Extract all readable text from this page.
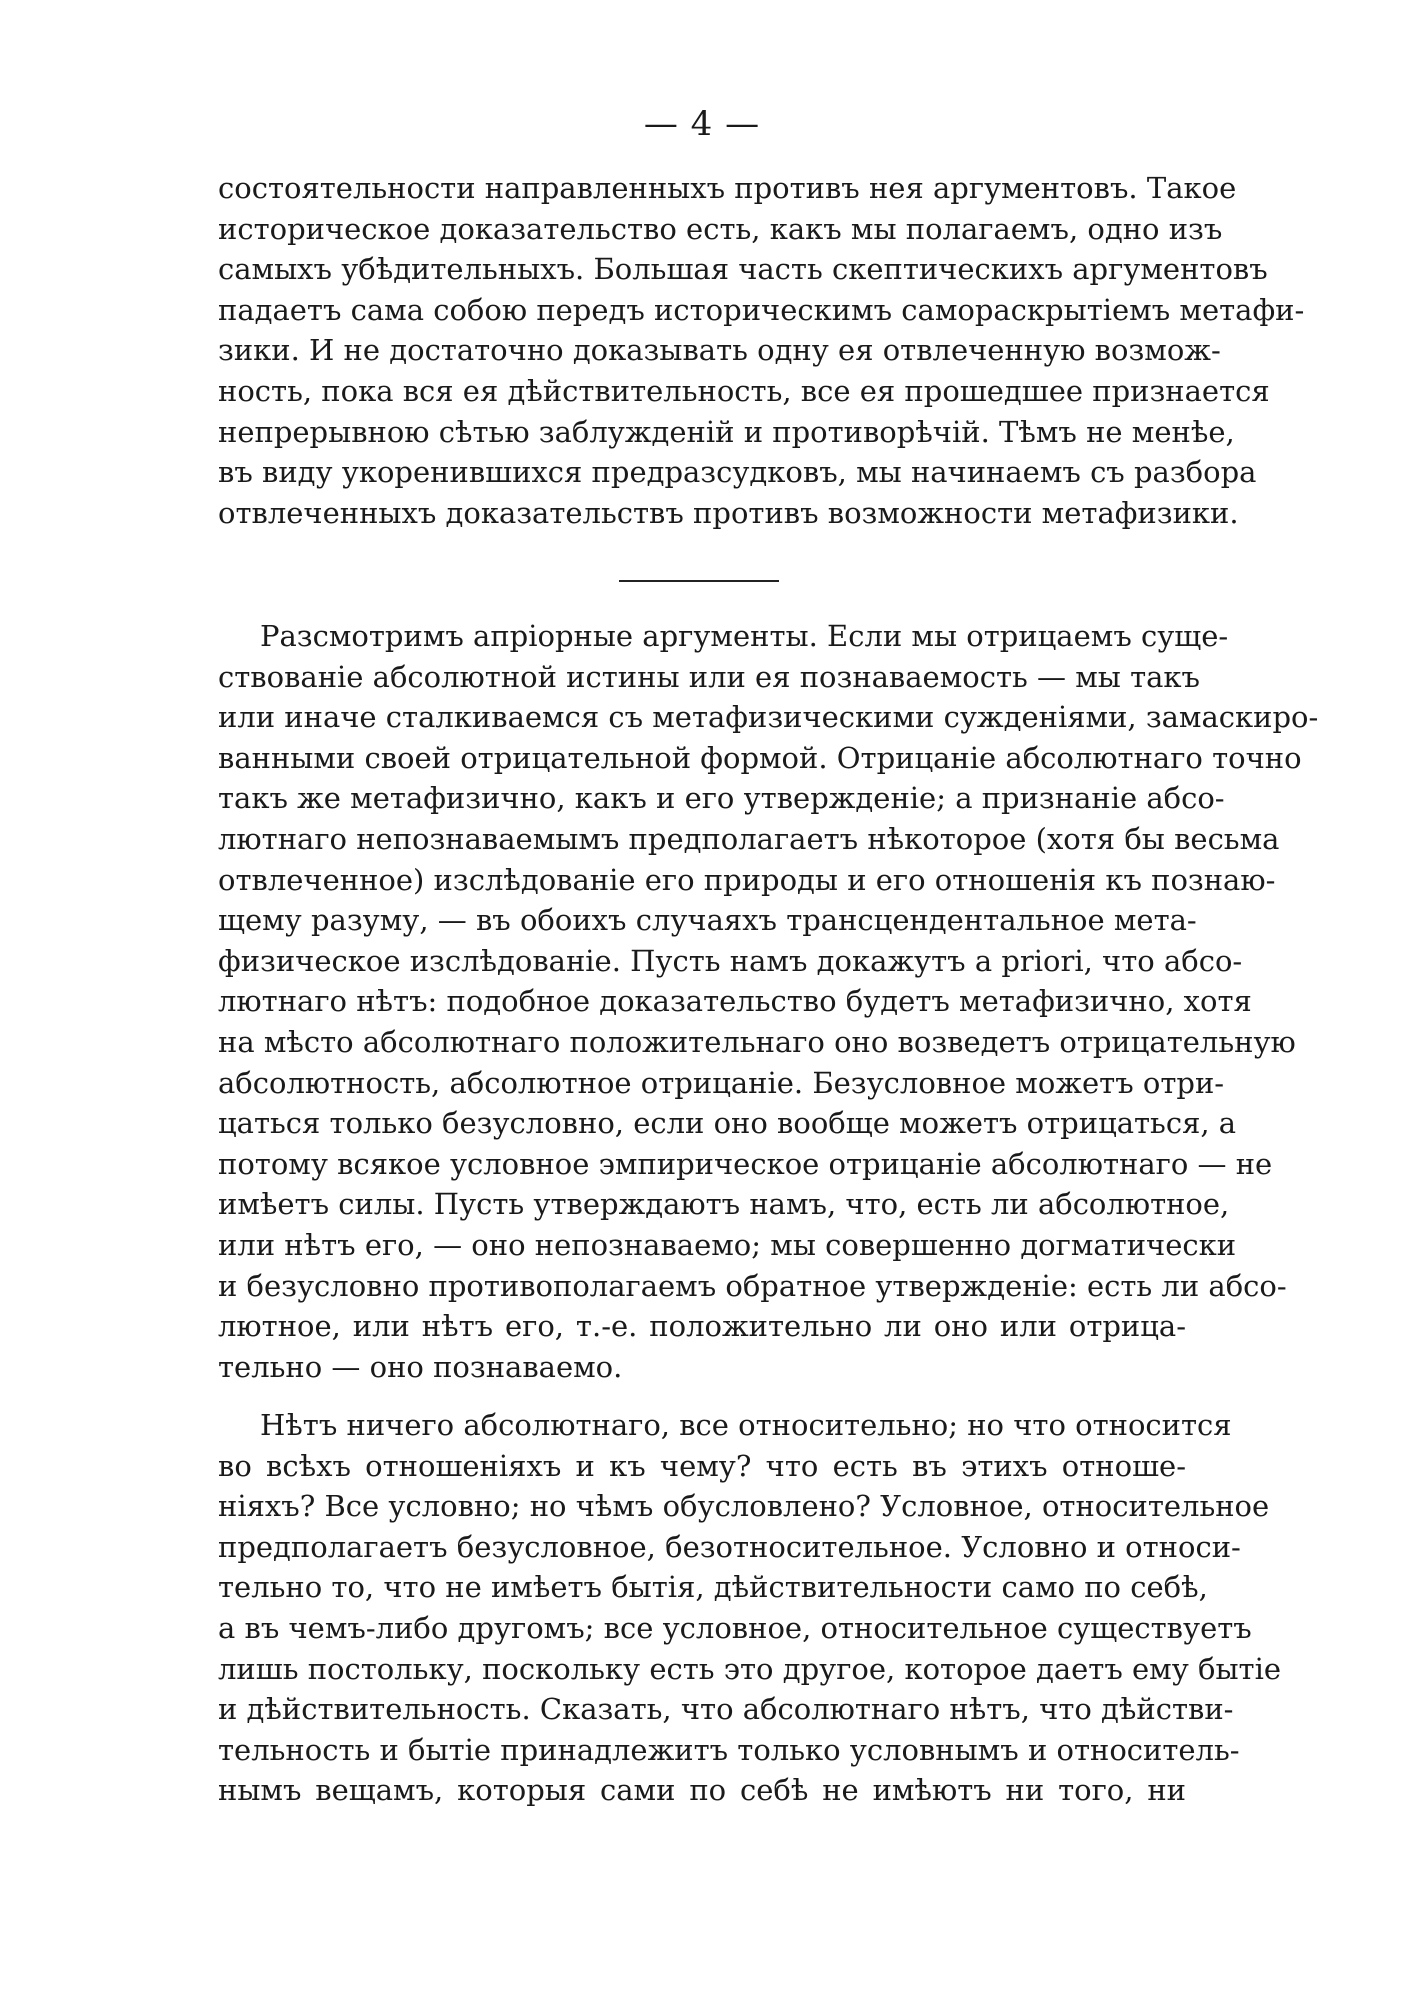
— 4 —
состоятельности направленныхъ противъ нея аргументовъ. Такое
историческое доказательство есть, какъ мы полагаемъ, одно изъ
самыхъ убѣдительныхъ. Большая часть скептическихъ аргументовъ
падаетъ сама собою передъ историческимъ самораскрытіемъ метафи-
зики. И не достаточно доказывать одну ея отвлеченную возмож-
ность, пока вся ея дѣйствительность, все ея прошедшее признается
непрерывною сѣтью заблужденій и противорѣчій. Тѣмъ не менѣе,
въ виду укоренившихся предразсудковъ, мы начинаемъ съ разбора
отвлеченныхъ доказательствъ противъ возможности метафизики.
Разсмотримъ апріорные аргументы. Если мы отрицаемъ суще-
ствованіе абсолютной истины или ея познаваемость — мы такъ
или иначе сталкиваемся съ метафизическими сужденіями, замаскиро-
ванными своей отрицательной формой. Отрицаніе абсолютнаго точно
такъ же метафизично, какъ и его утвержденіе; а признаніе абсо-
лютнаго непознаваемымъ предполагаетъ нѣкоторое (хотя бы весьма
отвлеченное) изслѣдованіе его природы и его отношенія къ познаю-
щему разуму, — въ обоихъ случаяхъ трансцендентальное мета-
физическое изслѣдованіе. Пусть намъ докажутъ a priori, что абсо-
лютнаго нѣтъ: подобное доказательство будетъ метафизично, хотя
на мѣсто абсолютнаго положительнаго оно возведетъ отрицательную
абсолютность, абсолютное отрицаніе. Безусловное можетъ отри-
цаться только безусловно, если оно вообще можетъ отрицаться, а
потому всякое условное эмпирическое отрицаніе абсолютнаго — не
имѣетъ силы. Пусть утверждаютъ намъ, что, есть ли абсолютное,
или нѣтъ его, — оно непознаваемо; мы совершенно догматически
и безусловно противополагаемъ обратное утвержденіе: есть ли абсо-
лютное, или нѣтъ его, т.-е. положительно ли оно или отрица-
тельно — оно познаваемо.
Нѣтъ ничего абсолютнаго, все относительно; но что относится
во всѣхъ отношеніяхъ и къ чему? что есть въ этихъ отноше-
ніяхъ? Все условно; но чѣмъ обусловлено? Условное, относительное
предполагаетъ безусловное, безотносительное. Условно и относи-
тельно то, что не имѣетъ бытія, дѣйствительности само по себѣ,
а въ чемъ-либо другомъ; все условное, относительное существуетъ
лишь постольку, поскольку есть это другое, которое даетъ ему бытіе
и дѣйствительность. Сказать, что абсолютнаго нѣтъ, что дѣйстви-
тельность и бытіе принадлежитъ только условнымъ и относитель-
нымъ вещамъ, которыя сами по себѣ не имѣютъ ни того, ни
